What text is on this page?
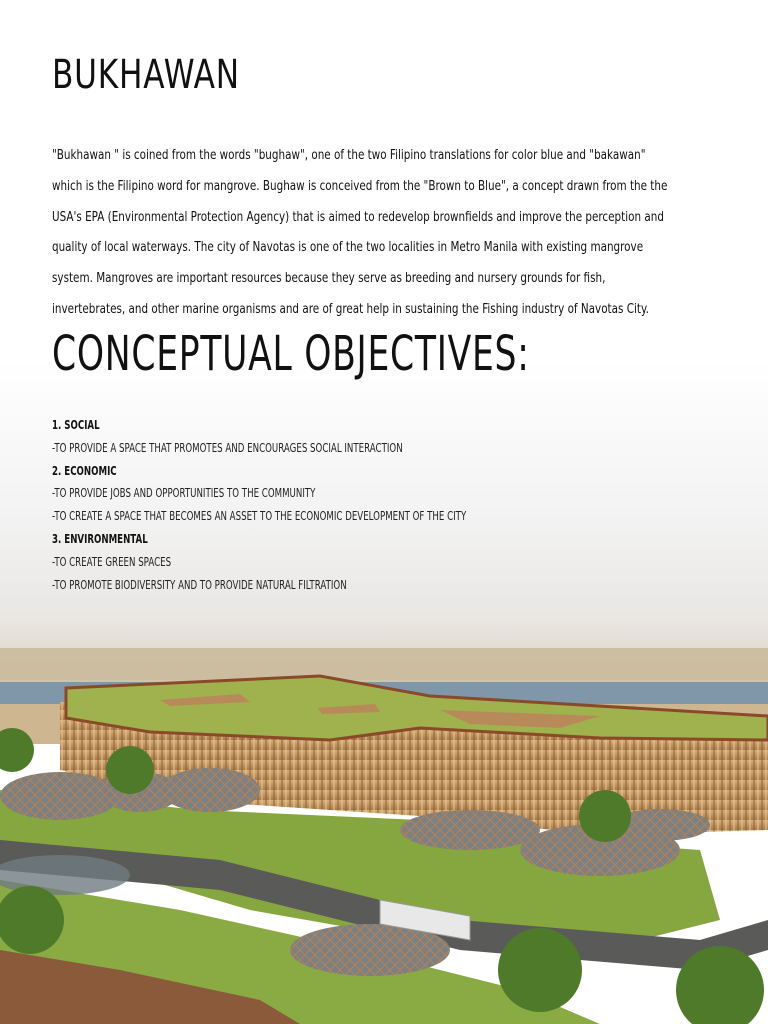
BUKHAWAN

"Bukhawan " is coined from the words "bughaw", one of the two Filipino translations for color blue and "bakawan"
which is the Filipino word for mangrove. Bughaw is conceived from the "Brown to Blue", a concept drawn from the the
USA's EPA (Environmental Protection Agency) that is aimed to redevelop brownfields and improve the perception and
quality of local waterways. The city of Navotas is one of the two localities in Metro Manila with existing mangrove
system. Mangroves are important resources because they serve as breeding and nursery grounds for fish,
invertebrates, and other marine organisms and are of great help in sustaining the Fishing industry of Navotas City.

CONCEPTUAL OBJECTIVES:
1. SOCIAL
-TO PROVIDE A SPACE THAT PROMOTES AND ENCOURAGES SOCIAL INTERACTION
2. ECONOMIC
-TO PROVIDE JOBS AND OPPORTUNITIES TO THE COMMUNITY
-TO CREATE A SPACE THAT BECOMES AN ASSET TO THE ECONOMIC DEVELOPMENT OF THE CITY
3. ENVIRONMENTAL
-TO CREATE GREEN SPACES
-TO PROMOTE BIODIVERSITY AND TO PROVIDE NATURAL FILTRATION
